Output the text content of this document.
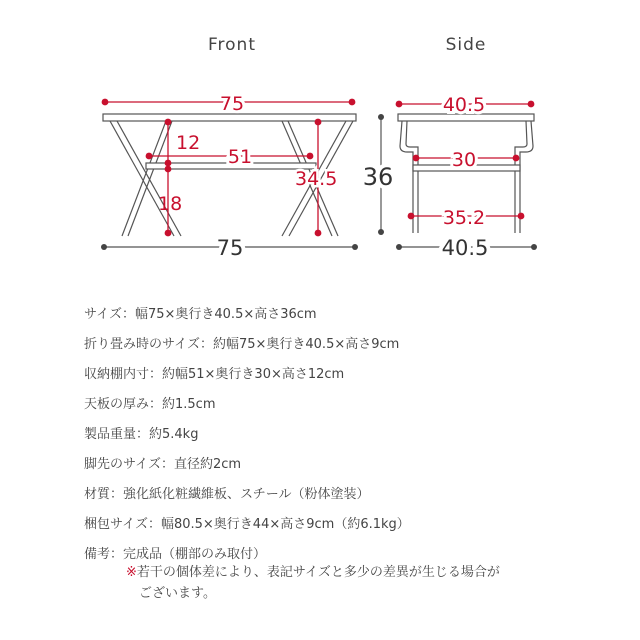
Front
75
51
12
18
34.5
75
Side
40.5
30
35.2
36
40.5
サイズ：幅75×奥行き40.5×高さ36cm
折り畳み時のサイズ：約幅75×奥行き40.5×高さ9cm
収納棚内寸：約幅51×奥行き30×高さ12cm
天板の厚み：約1.5cm
製品重量：約5.4kg
脚先のサイズ：直径約2cm
材質：強化紙化粧繊維板、スチール（粉体塗装）
梱包サイズ：幅80.5×奥行き44×高さ9cm（約6.1kg）
備考：完成品（棚部のみ取付）
※若干の個体差により、表記サイズと多少の差異が生じる場合が
ございます。
